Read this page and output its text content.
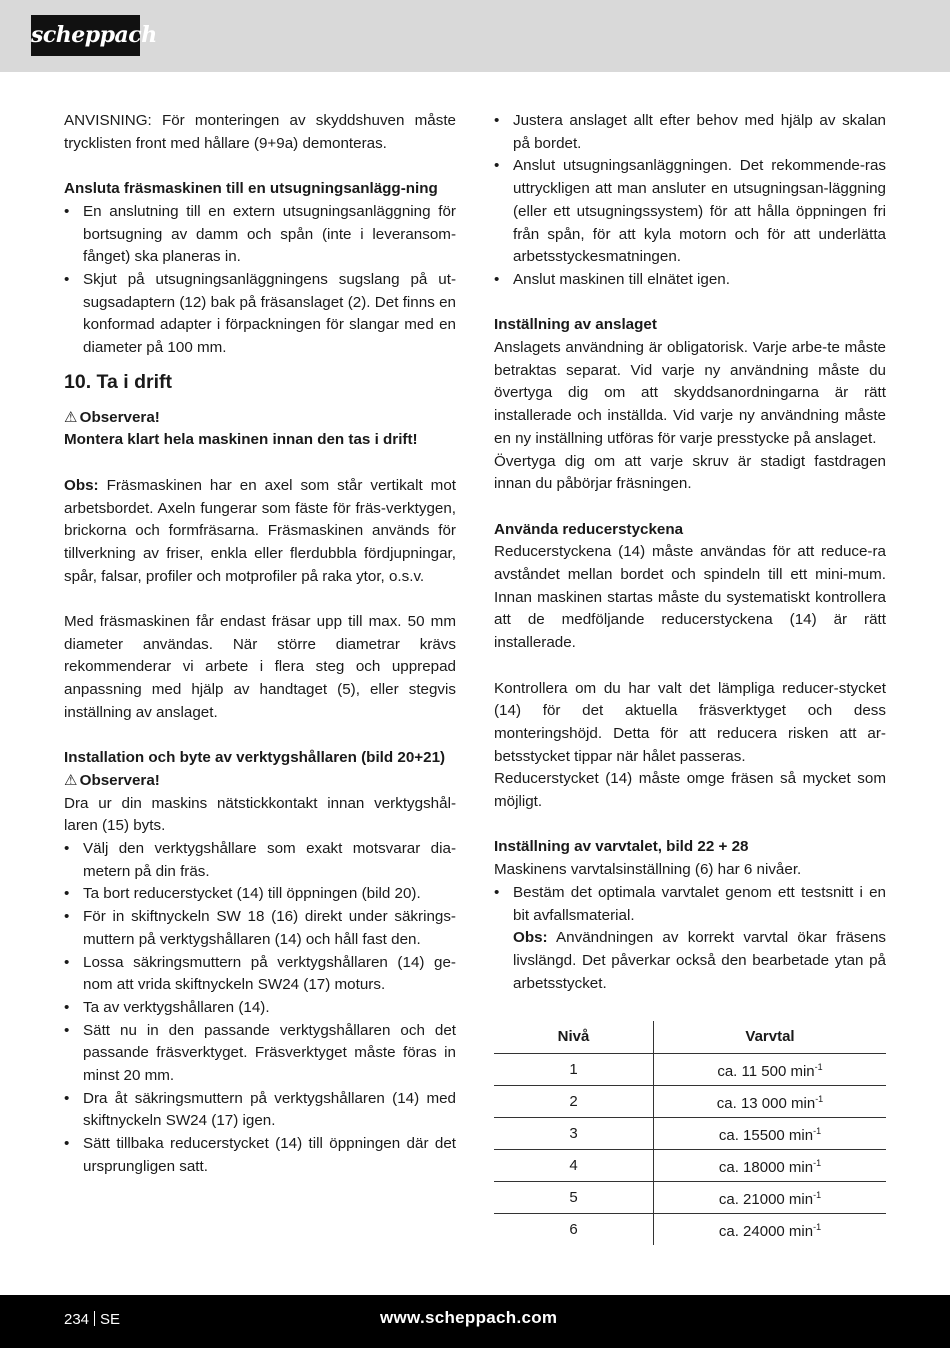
scheppach

ANVISNING: För monteringen av skyddshuven måste trycklisten front med hållare (9+9a) demonteras.

Ansluta fräsmaskinen till en utsugningsanlägg-ning

• En anslutning till en extern utsugningsanläggning för bortsugning av damm och spån (inte i leveransom-fånget) ska planeras in.
• Skjut på utsugningsanläggningens sugslang på ut-sugsadaptern (12) bak på fräsanslaget (2). Det finns en konformad adapter i förpackningen för slangar med en diameter på 100 mm.
10. Ta i drift

⚠ Observera!

Montera klart hela maskinen innan den tas i drift!

Obs: Fräsmaskinen har en axel som står vertikalt mot arbetsbordet. Axeln fungerar som fäste för fräs-verktygen, brickorna och formfräsarna. Fräsmaskinen används för tillverkning av friser, enkla eller flerdubbla fördjupningar, spår, falsar, profiler och motprofiler på raka ytor, o.s.v.

Med fräsmaskinen får endast fräsar upp till max. 50 mm diameter användas. När större diametrar krävs rekommenderar vi arbete i flera steg och upprepad anpassning med hjälp av handtaget (5), eller stegvis inställning av anslaget.

Installation och byte av verktygshållaren (bild 20+21)

⚠ Observera!

Dra ur din maskins nätstickkontakt innan verktygshål-laren (15) byts.

• Välj den verktygshållare som exakt motsvarar dia-metern på din fräs.
• Ta bort reducerstycket (14) till öppningen (bild 20).
• För in skiftnyckeln SW 18 (16) direkt under säkrings-muttern på verktygshållaren (14) och håll fast den.
• Lossa säkringsmuttern på verktygshållaren (14) ge-nom att vrida skiftnyckeln SW24 (17) moturs.
• Ta av verktygshållaren (14).
• Sätt nu in den passande verktygshållaren och det passande fräsverktyget. Fräsverktyget måste föras in minst 20 mm.
• Dra åt säkringsmuttern på verktygshållaren (14) med skiftnyckeln SW24 (17) igen.
• Sätt tillbaka reducerstycket (14) till öppningen där det ursprungligen satt.
• Justera anslaget allt efter behov med hjälp av skalan på bordet.
• Anslut utsugningsanläggningen. Det rekommende-ras uttryckligen att man ansluter en utsugningsan-läggning (eller ett utsugningssystem) för att hålla öppningen fri från spån, för att kyla motorn och för att underlätta arbetsstyckesmatningen.
• Anslut maskinen till elnätet igen.

Inställning av anslaget

Anslagets användning är obligatorisk. Varje arbe-te måste betraktas separat. Vid varje ny användning måste du övertyga dig om att skyddsanordningarna är rätt installerade och inställda. Vid varje ny användning måste en ny inställning utföras för varje presstycke på anslaget.

Övertyga dig om att varje skruv är stadigt fastdragen innan du påbörjar fräsningen.

Använda reducerstyckena

Reducerstyckena (14) måste användas för att reduce-ra avståndet mellan bordet och spindeln till ett mini-mum. Innan maskinen startas måste du systematiskt kontrollera att de medföljande reducerstyckena (14) är rätt installerade.

Kontrollera om du har valt det lämpliga reducer-stycket (14) för det aktuella fräsverktyget och dess monteringshöjd. Detta för att reducera risken att ar-betsstycket tippar när hålet passeras.

Reducerstycket (14) måste omge fräsen så mycket som möjligt.

Inställning av varvtalet, bild 22 + 28

Maskinens varvtalsinställning (6) har 6 nivåer.

• Bestäm det optimala varvtalet genom ett testsnitt i en bit avfallsmaterial.
Obs: Användningen av korrekt varvtal ökar fräsens livslängd. Det påverkar också den bearbetade ytan på arbetsstycket.
Nivå	Varvtal
1	ca. 11 500 $\min^{-1}$
2	ca. 13 000 $\min^{-1}$
3	ca. 15500 $\min^{-1}$
4	ca. 18000 $\min^{-1}$
5	ca. 21000 $\min^{-1}$
6	ca. 24000 $\min^{-1}$
234 SE	www.scheppach.com
